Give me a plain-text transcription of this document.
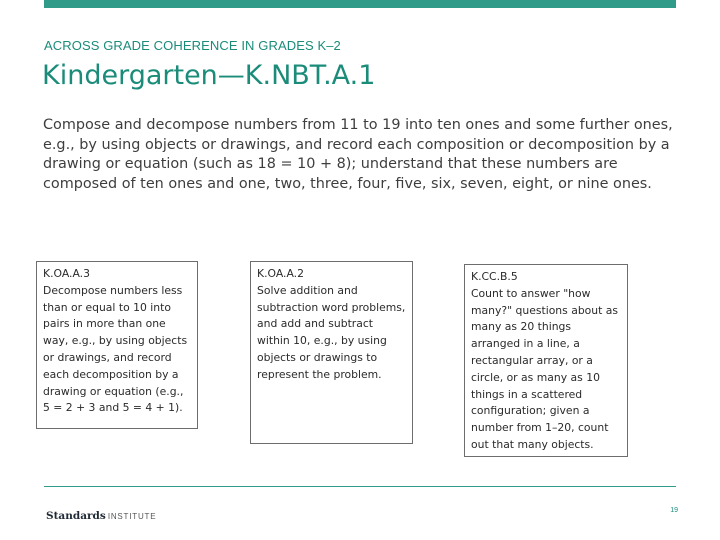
ACROSS GRADE COHERENCE IN GRADES K–2
Kindergarten—K.NBT.A.1

Compose and decompose numbers from 11 to 19 into ten ones and some further ones, e.g., by using objects or drawings, and record each composition or decomposition by a drawing or equation (such as 18 = 10 + 8); understand that these numbers are composed of ten ones and one, two, three, four, five, six, seven, eight, or nine ones.

K.OA.A.3
Decompose numbers less than or equal to 10 into pairs in more than one way, e.g., by using objects or drawings, and record each decomposition by a drawing or equation (e.g., 5 = 2 + 3 and 5 = 4 + 1).
K.OA.A.2
Solve addition and subtraction word problems, and add and subtract within 10, e.g., by using objects or drawings to represent the problem.
K.CC.B.5
Count to answer "how many?" questions about as many as 20 things arranged in a line, a rectangular array, or a circle, or as many as 10 things in a scattered configuration; given a number from 1–20, count out that many objects.
Standards INSTITUTE
19
